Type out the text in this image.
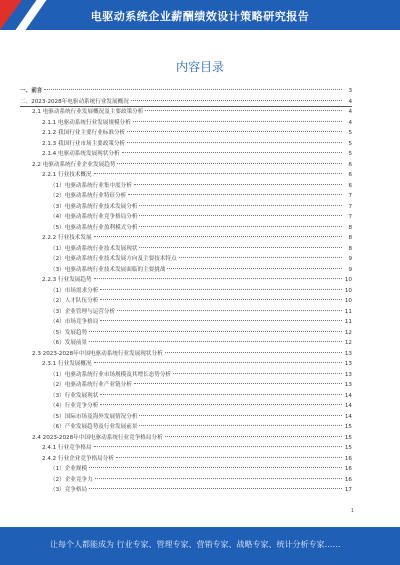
电驱动系统企业薪酬绩效设计策略研究报告
内容目录
一、前言	3
二、2023-2028年电驱动系统行业发展概况	4
2.1 电驱动系统行业发展概况及主要政策分析	4
2.1.1 电驱动系统行业发展规模分析	4
2.1.2 我国行业主要行业标准分析	5
2.1.3 我国行业市场主要政策分析	5
2.1.4 电驱动系统发展现状分析	5
2.2 电驱动系统行业企业发展趋势	6
2.2.1 行业技术概况	6
（1）电驱动系统行业集中度分析	6
（2）电驱动系统行业特征分析	7
（3）电驱动系统行业技术发展分析	7
（4）电驱动系统行业竞争格局分析	7
（5）电驱动系统行业盈利模式分析	8
2.2.2 行业技术发展	8
（1）电驱动系统行业技术发展现状	8
（2）电驱动系统行业技术发展方向及主要技术特点	9
（3）电驱动系统行业技术发展面临的主要挑战	9
2.2.3 行业发展趋势	10
（1）市场需求分析	10
（2）人才队伍分析	10
（3）企业管理与运营分析	11
（4）市场竞争格局	11
（5）发展趋势	12
（6）发展前景	12
2.3 2023-2028年中国电驱动系统行业发展现状分析	13
2.3.1 行业发展概况	13
（1）电驱动系统行业市场规模及其增长态势分析	13
（2）电驱动系统行业产业链分析	13
（3）行业发展现状	14
（4）行业竞争分析	14
（5）国际市场及海外发展情况分析	14
（6）产业发展趋势及行业发展前景	15
2.4 2023-2028年中国电驱动系统行业竞争格局分析	15
2.4.1 行业竞争格局	15
2.4.2 行业企业竞争格局分析	16
（1）企业规模	16
（2）企业竞争力	16
（3）竞争格局	17
1
让每个人都能成为 行业专家、管理专家、营销专家、战略专家、统计分析专家……
